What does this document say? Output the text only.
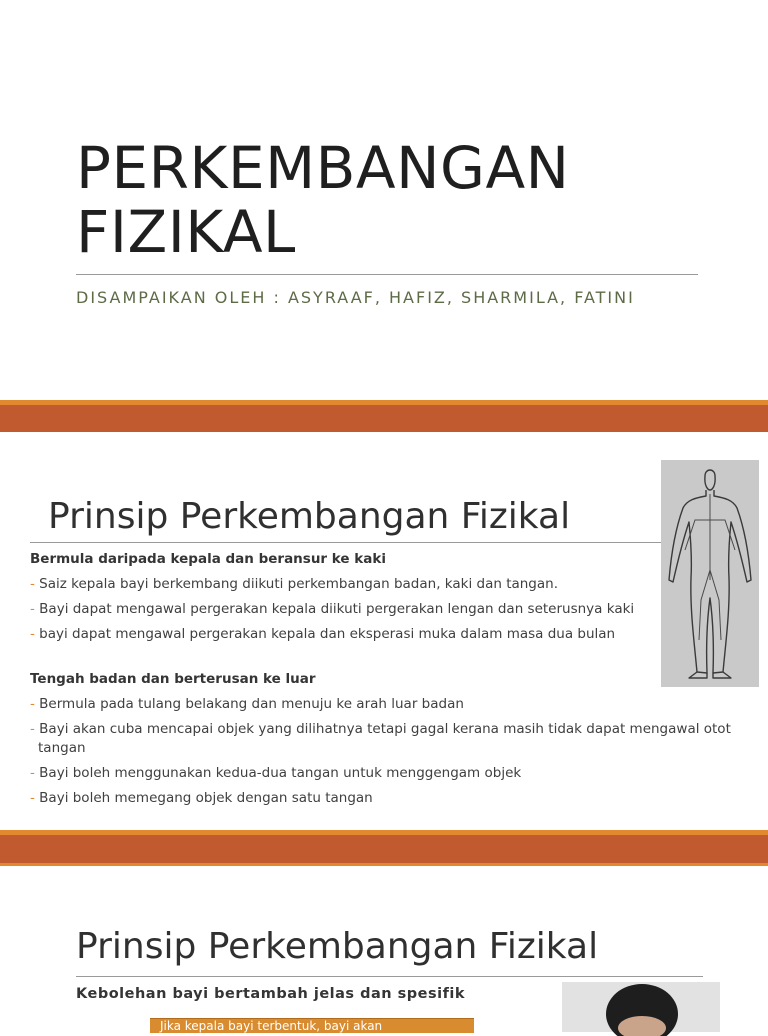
PERKEMBANGAN
FIZIKAL
DISAMPAIKAN OLEH : ASYRAAF, HAFIZ, SHARMILA, FATINI
Prinsip Perkembangan Fizikal

Bermula daripada kepala dan beransur ke kaki

- Saiz kepala bayi berkembang diikuti perkembangan badan, kaki dan tangan.
- Bayi dapat mengawal pergerakan kepala diikuti pergerakan lengan dan seterusnya kaki
- bayi dapat mengawal pergerakan kepala dan eksperasi muka dalam masa dua bulan

Tengah badan dan berterusan ke luar

- Bermula pada tulang belakang dan menuju ke arah luar badan
- Bayi akan cuba mencapai objek yang dilihatnya tetapi gagal kerana masih tidak dapat mengawal otot tangan
- Bayi boleh menggunakan kedua-dua tangan untuk menggengam objek
- Bayi boleh memegang objek dengan satu tangan
Prinsip Perkembangan Fizikal
Kebolehan bayi bertambah jelas dan spesifik
Jika kepala bayi terbentuk, bayi akan
